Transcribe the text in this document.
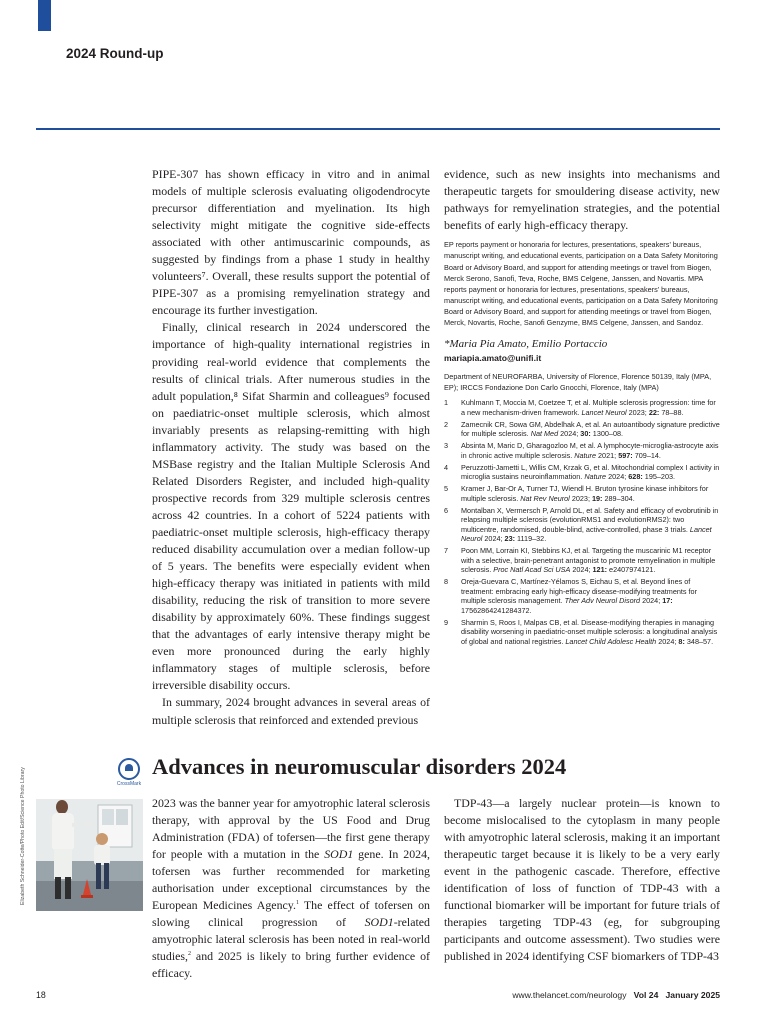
2024 Round-up

PIPE-307 has shown efficacy in vitro and in animal models of multiple sclerosis evaluating oligodendrocyte precursor differentiation and myelination. Its high selectivity might mitigate the cognitive side-effects associated with other antimuscarinic compounds, as suggested by findings from a phase 1 study in healthy volunteers⁷. Overall, these results support the potential of PIPE-307 as a promising remyelination strategy and encourage its further investigation.

Finally, clinical research in 2024 underscored the importance of high-quality international registries in providing real-world evidence that complements the results of clinical trials. After numerous studies in the adult population,⁸ Sifat Sharmin and colleagues⁹ focused on paediatric-onset multiple sclerosis, which almost invariably presents as relapsing-remitting with high inflammatory activity. The study was based on the MSBase registry and the Italian Multiple Sclerosis And Related Disorders Register, and included high-quality prospective records from 329 multiple sclerosis centres across 42 countries. In a cohort of 5224 patients with paediatric-onset multiple sclerosis, high-efficacy therapy reduced disability accumulation over a median follow-up of 5 years. The benefits were especially evident when high-efficacy therapy was initiated in patients with mild disability, reducing the risk of transition to more severe disability by approximately 60%. These findings suggest that the advantages of early intensive therapy might be even more pronounced during the early highly inflammatory stages of multiple sclerosis, before irreversible disability occurs.

In summary, 2024 brought advances in several areas of multiple sclerosis that reinforced and extended previous

evidence, such as new insights into mechanisms and therapeutic targets for smouldering disease activity, new pathways for remyelination strategies, and the potential benefits of early high-efficacy therapy.

EP reports payment or honoraria for lectures, presentations, speakers’ bureaus, manuscript writing, and educational events, participation on a Data Safety Monitoring Board or Advisory Board, and support for attending meetings or travel from Biogen, Merck Serono, Sanofi, Teva, Roche, BMS Celgene, Janssen, and Novartis. MPA reports payment or honoraria for lectures, presentations, speakers’ bureaus, manuscript writing, and educational events, participation on a Data Safety Monitoring Board or Advisory Board, and support for attending meetings or travel from Biogen, Merck, Novartis, Roche, Sanofi Genzyme, BMS Celgene, Janssen, and Sandoz.
*Maria Pia Amato, Emilio Portaccio
mariapia.amato@unifi.it
Department of NEUROFARBA, University of Florence, Florence 50139, Italy (MPA, EP); IRCCS Fondazione Don Carlo Gnocchi, Florence, Italy (MPA)
1 Kuhlmann T, Moccia M, Coetzee T, et al. Multiple sclerosis progression: time for a new mechanism-driven framework. Lancet Neurol 2023; 22: 78–88.
2 Zamecnik CR, Sowa GM, Abdelhak A, et al. An autoantibody signature predictive for multiple sclerosis. Nat Med 2024; 30: 1300–08.
3 Absinta M, Maric D, Gharagozloo M, et al. A lymphocyte-microglia-astrocyte axis in chronic active multiple sclerosis. Nature 2021; 597: 709–14.
4 Peruzzotti-Jametti L, Willis CM, Krzak G, et al. Mitochondrial complex I activity in microglia sustains neuroinflammation. Nature 2024; 628: 195–203.
5 Kramer J, Bar-Or A, Turner TJ, Wiendl H. Bruton tyrosine kinase inhibitors for multiple sclerosis. Nat Rev Neurol 2023; 19: 289–304.
6 Montalban X, Vermersch P, Arnold DL, et al. Safety and efficacy of evobrutinib in relapsing multiple sclerosis (evolutionRMS1 and evolutionRMS2): two multicentre, randomised, double-blind, active-controlled, phase 3 trials. Lancet Neurol 2024; 23: 1119–32.
7 Poon MM, Lorrain KI, Stebbins KJ, et al. Targeting the muscarinic M1 receptor with a selective, brain-penetrant antagonist to promote remyelination in multiple sclerosis. Proc Natl Acad Sci USA 2024; 121: e2407974121.
8 Oreja-Guevara C, Martínez-Yélamos S, Eichau S, et al. Beyond lines of treatment: embracing early high-efficacy disease-modifying treatments for multiple sclerosis management. Ther Adv Neurol Disord 2024; 17: 17562864241284372.
9 Sharmin S, Roos I, Malpas CB, et al. Disease-modifying therapies in managing disability worsening in paediatric-onset multiple sclerosis: a longitudinal analysis of global and national registries. Lancet Child Adolesc Health 2024; 8: 348–57.
CrossMark
Advances in neuromuscular disorders 2024
Elizabeth Schneider-Cotte/Photo Edit/Science Photo Library	2023 was the banner year for amyotrophic lateral sclerosis therapy, with approval by the US Food and Drug Administration (FDA) of tofersen—the first gene therapy for people with a mutation in the SOD1 gene. In 2024, tofersen was further recommended for marketing authorisation under exceptional circumstances by the European Medicines Agency.$^1$ The effect of tofersen on slowing clinical progression of SOD1-related amyotrophic lateral sclerosis has been noted in real-world studies,$^2$ and 2025 is likely to bring further evidence of efficacy.

TDP-43—a largely nuclear protein—is known to become mislocalised to the cytoplasm in many people with amyotrophic lateral sclerosis, making it an important therapeutic target because it is likely to be a very early event in the pathogenic cascade. Therefore, effective identification of loss of function of TDP-43 with a functional biomarker will be important for future trials of therapies targeting TDP-43 (eg, for subgrouping participants and outcome assessment). Two studies were published in 2024 identifying CSF biomarkers of TDP-43

18	www.thelancet.com/neurology Vol 24 January 2025
